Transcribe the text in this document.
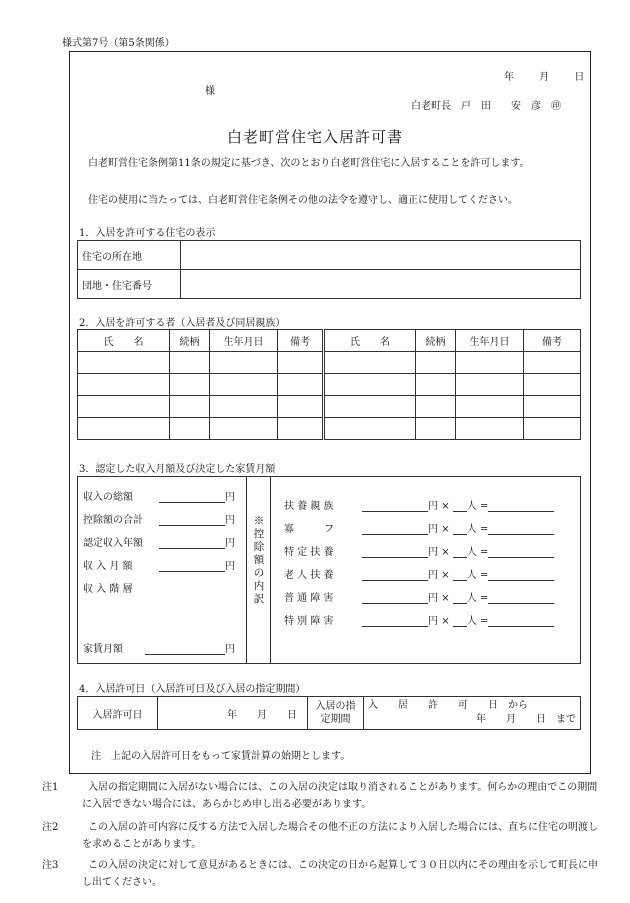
様式第7号（第5条関係）
年　　	月　　	日
様
白老町長　戸　田　　安　彦　㊞
白老町営住宅入居許可書
白老町営住宅条例第11条の規定に基づき、次のとおり白老町営住宅に入居することを許可します。
住宅の使用に当たっては、白老町営住宅条例その他の法令を遵守し、適正に使用してください。
1．入居を許可する住宅の表示
住宅の所在地	
団地・住宅番号	
2．入居を許可する者（入居者及び同居親族）
氏　　名	続柄	生年月日	備考	氏　　名	続柄	生年月日	備考

3．認定した収入月額及び決定した家賃月額
収入の総額	円
控除額の合計	円
認定収入年額	円
収 入 月 額	円
収 入 階 層
家賃月額	円
※控除額の内訳
扶 養 親 族	円 × 人 =
寡　　　フ	円 × 人 =
特 定 扶 養	円 × 人 =
老 人 扶 養	円 × 人 =
普 通 障 害	円 × 人 =
特 別 障 害	円 × 人 =
4．入居許可日（入居許可日及び入居の指定期間）
入居許可日	年　　月　　日	入居の指定期間	
入　　居　　許　　可　　日　から
年　　月　　日　まで
注　上記の入居許可日をもって家賃計算の始期とします。
注1　	入居の指定期間に入居がない場合には、この入居の決定は取り消されることがあります。何らかの理由でこの期間に入居できない場合には、あらかじめ申し出る必要があります。
注2　	この入居の許可内容に反する方法で入居した場合その他不正の方法により入居した場合には、直ちに住宅の明渡しを求めることがあります。
注3　	この入居の決定に対して意見があるときには、この決定の日から起算して３０日以内にその理由を示して町長に申し出てください。
